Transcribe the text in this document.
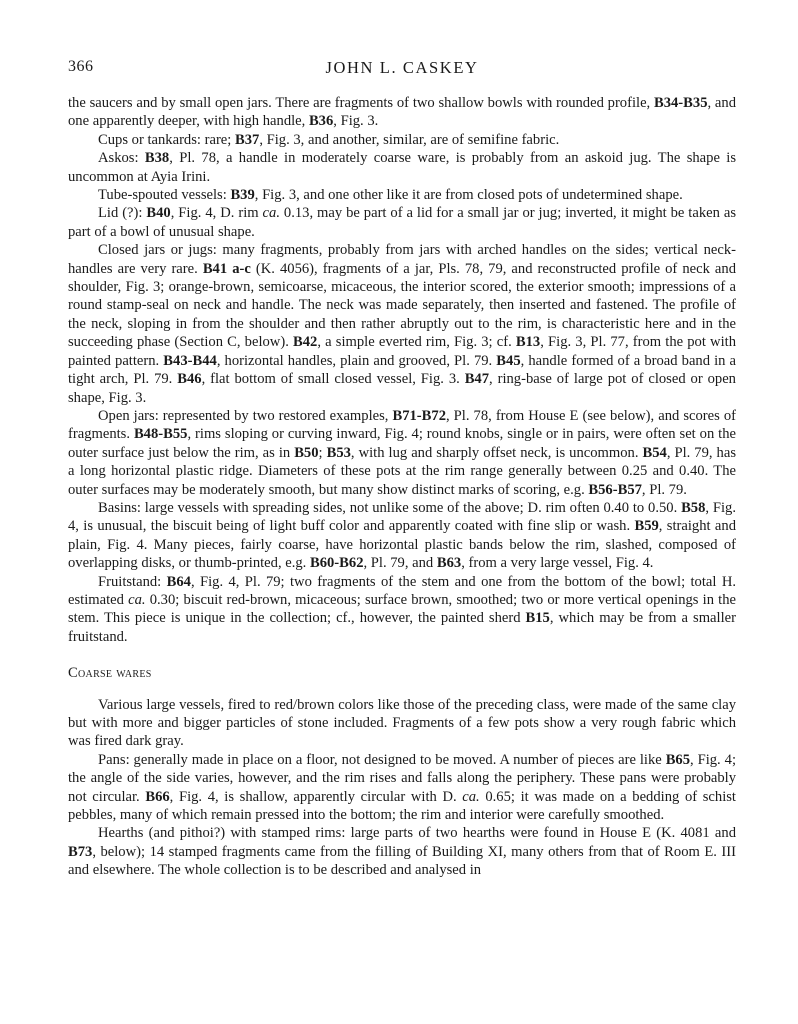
366	JOHN L. CASKEY

the saucers and by small open jars. There are fragments of two shallow bowls with rounded profile, B34-B35, and one apparently deeper, with high handle, B36, Fig. 3.

Cups or tankards: rare; B37, Fig. 3, and another, similar, are of semifine fabric.

Askos: B38, Pl. 78, a handle in moderately coarse ware, is probably from an askoid jug. The shape is uncommon at Ayia Irini.

Tube-spouted vessels: B39, Fig. 3, and one other like it are from closed pots of undetermined shape.

Lid (?): B40, Fig. 4, D. rim ca. 0.13, may be part of a lid for a small jar or jug; inverted, it might be taken as part of a bowl of unusual shape.

Closed jars or jugs: many fragments, probably from jars with arched handles on the sides; vertical neck-handles are very rare. B41 a-c (K. 4056), fragments of a jar, Pls. 78, 79, and reconstructed profile of neck and shoulder, Fig. 3; orange-brown, semicoarse, micaceous, the interior scored, the exterior smooth; impressions of a round stamp-seal on neck and handle. The neck was made separately, then inserted and fastened. The profile of the neck, sloping in from the shoulder and then rather abruptly out to the rim, is characteristic here and in the succeeding phase (Section C, below). B42, a simple everted rim, Fig. 3; cf. B13, Fig. 3, Pl. 77, from the pot with painted pattern. B43-B44, horizontal handles, plain and grooved, Pl. 79. B45, handle formed of a broad band in a tight arch, Pl. 79. B46, flat bottom of small closed vessel, Fig. 3. B47, ring-base of large pot of closed or open shape, Fig. 3.

Open jars: represented by two restored examples, B71-B72, Pl. 78, from House E (see below), and scores of fragments. B48-B55, rims sloping or curving inward, Fig. 4; round knobs, single or in pairs, were often set on the outer surface just below the rim, as in B50; B53, with lug and sharply offset neck, is uncommon. B54, Pl. 79, has a long horizontal plastic ridge. Diameters of these pots at the rim range generally between 0.25 and 0.40. The outer surfaces may be moderately smooth, but many show distinct marks of scoring, e.g. B56-B57, Pl. 79.

Basins: large vessels with spreading sides, not unlike some of the above; D. rim often 0.40 to 0.50. B58, Fig. 4, is unusual, the biscuit being of light buff color and apparently coated with fine slip or wash. B59, straight and plain, Fig. 4. Many pieces, fairly coarse, have horizontal plastic bands below the rim, slashed, composed of overlapping disks, or thumb-printed, e.g. B60-B62, Pl. 79, and B63, from a very large vessel, Fig. 4.

Fruitstand: B64, Fig. 4, Pl. 79; two fragments of the stem and one from the bottom of the bowl; total H. estimated ca. 0.30; biscuit red-brown, micaceous; surface brown, smoothed; two or more vertical openings in the stem. This piece is unique in the collection; cf., however, the painted sherd B15, which may be from a smaller fruitstand.

Coarse wares

Various large vessels, fired to red/brown colors like those of the preceding class, were made of the same clay but with more and bigger particles of stone included. Fragments of a few pots show a very rough fabric which was fired dark gray.

Pans: generally made in place on a floor, not designed to be moved. A number of pieces are like B65, Fig. 4; the angle of the side varies, however, and the rim rises and falls along the periphery. These pans were probably not circular. B66, Fig. 4, is shallow, apparently circular with D. ca. 0.65; it was made on a bedding of schist pebbles, many of which remain pressed into the bottom; the rim and interior were carefully smoothed.

Hearths (and pithoi?) with stamped rims: large parts of two hearths were found in House E (K. 4081 and B73, below); 14 stamped fragments came from the filling of Building XI, many others from that of Room E. III and elsewhere. The whole collection is to be described and analysed in
